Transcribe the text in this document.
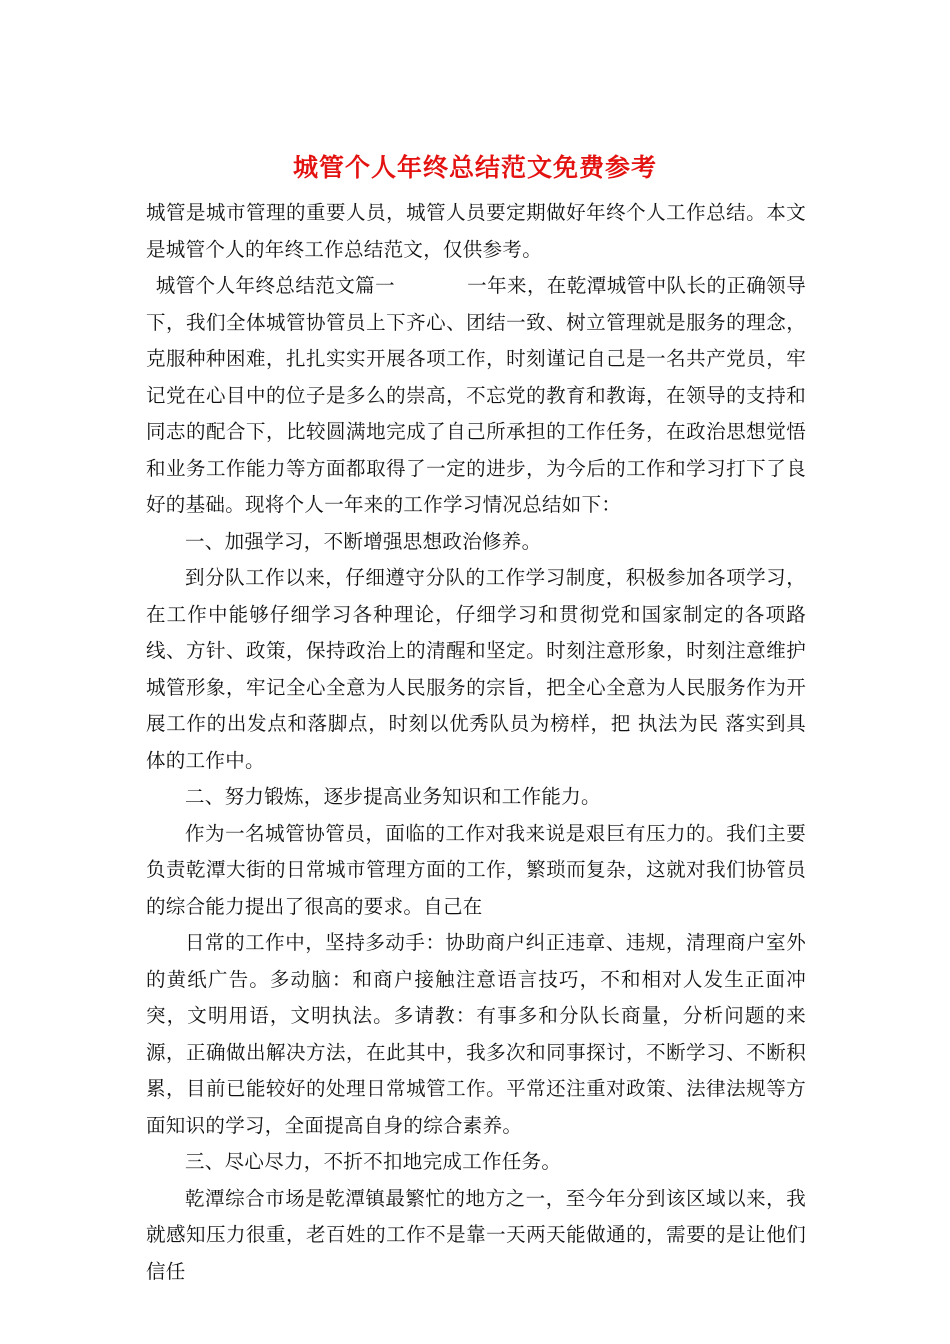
城管个人年终总结范文免费参考

城管是城市管理的重要人员，城管人员要定期做好年终个人工作总结。本文是城管个人的年终工作总结范文，仅供参考。

城管个人年终总结范文篇一	一年来，在乾潭城管中队长的正确领导下，我们全体城管协管员上下齐心、团结一致、树立管理就是服务的理念，克服种种困难，扎扎实实开展各项工作，时刻谨记自己是一名共产党员，牢记党在心目中的位子是多么的崇高，不忘党的教育和教诲，在领导的支持和同志的配合下，比较圆满地完成了自己所承担的工作任务，在政治思想觉悟和业务工作能力等方面都取得了一定的进步，为今后的工作和学习打下了良好的基础。现将个人一年来的工作学习情况总结如下：

一、加强学习，不断增强思想政治修养。

到分队工作以来，仔细遵守分队的工作学习制度，积极参加各项学习，在工作中能够仔细学习各种理论，仔细学习和贯彻党和国家制定的各项路线、方针、政策，保持政治上的清醒和坚定。时刻注意形象，时刻注意维护城管形象，牢记全心全意为人民服务的宗旨，把全心全意为人民服务作为开展工作的出发点和落脚点，时刻以优秀队员为榜样，把 执法为民 落实到具体的工作中。

二、努力锻炼，逐步提高业务知识和工作能力。

作为一名城管协管员，面临的工作对我来说是艰巨有压力的。我们主要负责乾潭大街的日常城市管理方面的工作，繁琐而复杂，这就对我们协管员的综合能力提出了很高的要求。自己在

日常的工作中，坚持多动手：协助商户纠正违章、违规，清理商户室外的黄纸广告。多动脑：和商户接触注意语言技巧，不和相对人发生正面冲突，文明用语，文明执法。多请教：有事多和分队长商量，分析问题的来源，正确做出解决方法，在此其中，我多次和同事探讨，不断学习、不断积累，目前已能较好的处理日常城管工作。平常还注重对政策、法律法规等方面知识的学习，全面提高自身的综合素养。

三、尽心尽力，不折不扣地完成工作任务。

乾潭综合市场是乾潭镇最繁忙的地方之一，至今年分到该区域以来，我就感知压力很重，老百姓的工作不是靠一天两天能做通的，需要的是让他们信任
